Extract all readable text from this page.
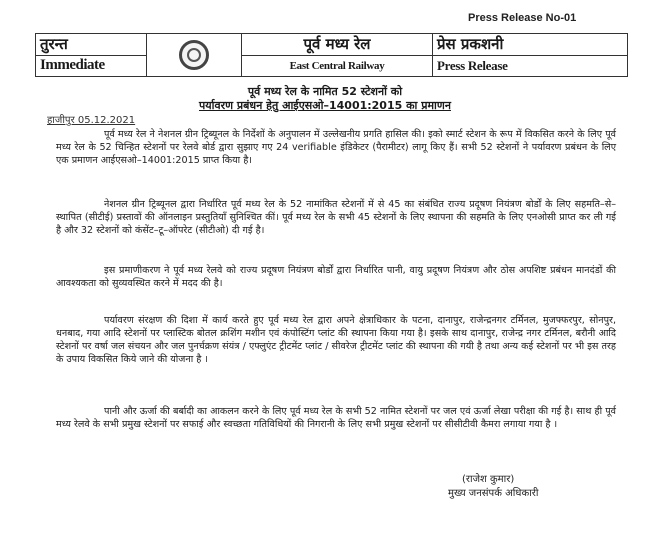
Press Release No-01
तुरन्त		पूर्व मध्य रेल	प्रेस प्रकशनी
Immediate		East Central Railway	Press Release
पूर्व मध्य रेल के नामित 52 स्टेशनों को
पर्यावरण प्रबंधन हेतु आईएसओ–14001:2015 का प्रमाणन
हाजीपुर 05.12.2021

पूर्व मध्य रेल ने नेशनल ग्रीन ट्रिब्यूनल के निर्देशों के अनुपालन में उल्लेखनीय प्रगति हासिल की। इको स्मार्ट स्टेशन के रूप में विकसित करने के लिए पूर्व मध्य रेल के 52 चिन्हित स्टेशनों पर रेलवे बोर्ड द्वारा सुझाए गए 24 verifiable इंडिकेटर (पैरामीटर) लागू किए हैं। सभी 52 स्टेशनों ने पर्यावरण प्रबंधन के लिए एक प्रमाणन आईएसओ–14001:2015 प्राप्त किया है।

नेशनल ग्रीन ट्रिब्यूनल द्वारा निर्धारित पूर्व मध्य रेल के 52 नामांकित स्टेशनों में से 45 का संबंधित राज्य प्रदूषण नियंत्रण बोर्डों के लिए सहमति–से–स्थापित (सीटीई) प्रस्तावों की ऑनलाइन प्रस्तुतियाँ सुनिश्चित कीं। पूर्व मध्य रेल के सभी 45 स्टेशनों के लिए स्थापना की सहमति के लिए एनओसी प्राप्त कर ली गई है और 32 स्टेशनों को कंसेंट–टू–ऑपरेट (सीटीओ) दी गई है।

इस प्रमाणीकरण ने पूर्व मध्य रेलवे को राज्य प्रदूषण नियंत्रण बोर्डों द्वारा निर्धारित पानी, वायु प्रदूषण नियंत्रण और ठोस अपशिष्ट प्रबंधन मानदंडों की आवश्यकता को सुव्यवस्थित करने में मदद की है।

पर्यावरण संरक्षण की दिशा में कार्य करते हुए पूर्व मध्य रेल द्वारा अपने क्षेत्राधिकार के पटना, दानापुर, राजेन्द्रनगर टर्मिनल, मुजफ्फरपुर, सोनपुर, धनबाद, गया आदि स्टेशनों पर प्लास्टिक बोतल क्रशिंग मशीन एवं कंपोस्टिंग प्लांट की स्थापना किया गया है। इसके साथ दानापुर, राजेन्द्र नगर टर्मिनल, बरौनी आदि स्टेशनों पर वर्षा जल संचयन और जल पुनर्चक्रण संयंत्र / एफ्लुएंट ट्रीटमेंट प्लांट / सीवरेज ट्रीटमेंट प्लांट की स्थापना की गयी है तथा अन्य कई स्टेशनों पर भी इस तरह के उपाय विकसित किये जाने की योजना है ।

पानी और ऊर्जा की बर्बादी का आकलन करने के लिए पूर्व मध्य रेल के सभी 52 नामित स्टेशनों पर जल एवं ऊर्जा लेखा परीक्षा की गई है। साथ ही पूर्व मध्य रेलवे के सभी प्रमुख स्टेशनों पर सफाई और स्वच्छता गतिविधियों की निगरानी के लिए सभी प्रमुख स्टेशनों पर सीसीटीवी कैमरा लगाया गया है ।

(राजेश कुमार)
मुख्य जनसंपर्क अधिकारी
